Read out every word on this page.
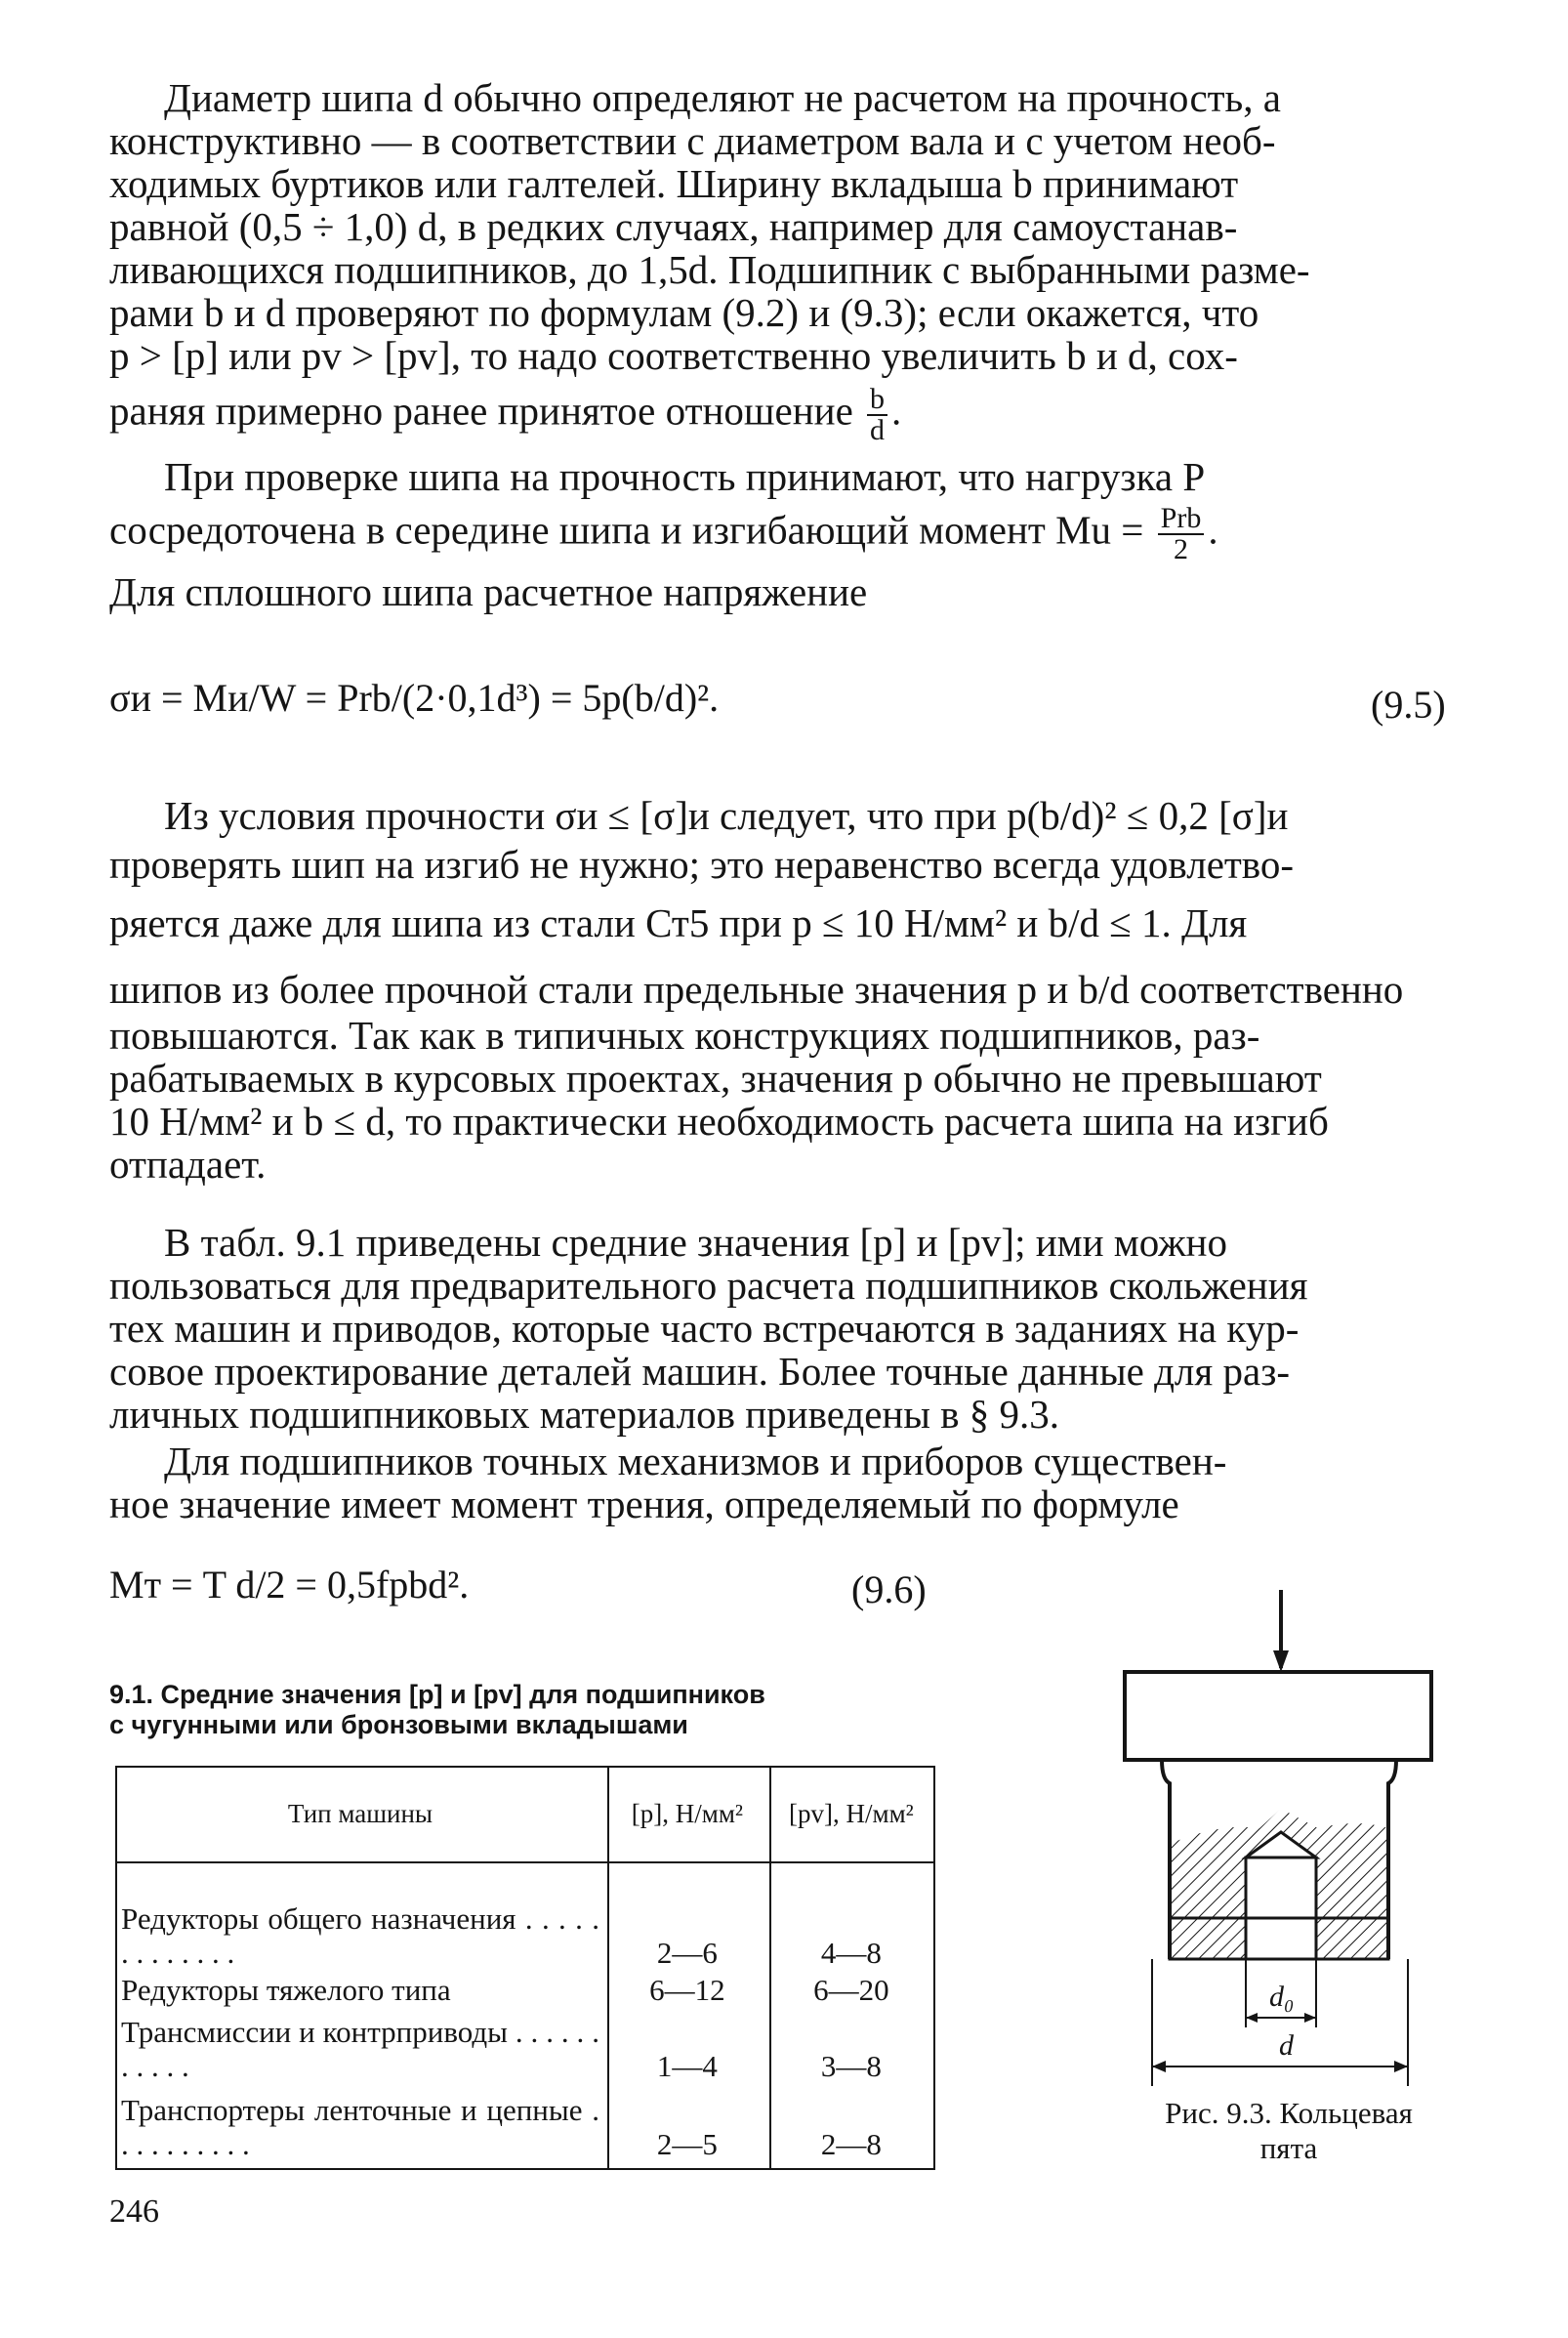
Диаметр шипа d обычно определяют не расчетом на прочность, а
конструктивно — в соответствии с диаметром вала и с учетом необ-
ходимых буртиков или галтелей. Ширину вкладыша b принимают
равной (0,5 ÷ 1,0) d, в редких случаях, например для самоустанав-
ливающихся подшипников, до 1,5d. Подшипник с выбранными разме-
рами b и d проверяют по формулам (9.2) и (9.3); если окажется, что
p > [p] или pv > [pv], то надо соответственно увеличить b и d, сох-
раняя примерно ранее принятое отношение $\frac{b}{d}$ .
При проверке шипа на прочность принимают, что нагрузка P
сосредоточена в середине шипа и изгибающий момент $Mu = \frac{\text{Prb}}{2}$ .
Для сплошного шипа расчетное напряжение
σи = Mи/W = Prb/(2·0,1d³) = 5p(b/d)².	(9.5)
Из условия прочности σи ≤ [σ]и следует, что при p(b/d)² ≤ 0,2 [σ]и
проверять шип на изгиб не нужно; это неравенство всегда удовлетво-
ряется даже для шипа из стали Ст5 при p ≤ 10 Н/мм² и b/d ≤ 1. Для
шипов из более прочной стали предельные значения p и b/d соответственно
повышаются. Так как в типичных конструкциях подшипников, раз-
рабатываемых в курсовых проектах, значения p обычно не превышают
10 Н/мм² и b ≤ d, то практически необходимость расчета шипа на изгиб
отпадает.
В табл. 9.1 приведены средние значения [p] и [pv]; ими можно
пользоваться для предварительного расчета подшипников скольжения
тех машин и приводов, которые часто встречаются в заданиях на кур-
совое проектирование деталей машин. Более точные данные для раз-
личных подшипниковых материалов приведены в § 9.3.
Для подшипников точных механизмов и приборов существен-
ное значение имеет момент трения, определяемый по формуле
Mт = T d/2 = 0,5fpbd².	(9.6)
9.1. Средние значения [p] и [pv] для подшипников
с чугунными или бронзовыми вкладышами
Тип машины	[p], Н/мм²	[pv], Н/мм²
Редукторы общего назначения . . . . . . . . . . . . .	2—6	4—8
Редукторы тяжелого типа	6—12	6—20
Трансмиссии и контрприводы . . . . . . . . . . .	1—4	3—8
Транспортеры ленточные и цепные . . . . . . . . . .	2—5	2—8
d₀
d
Рис. 9.3. Кольцевая
пята
246
